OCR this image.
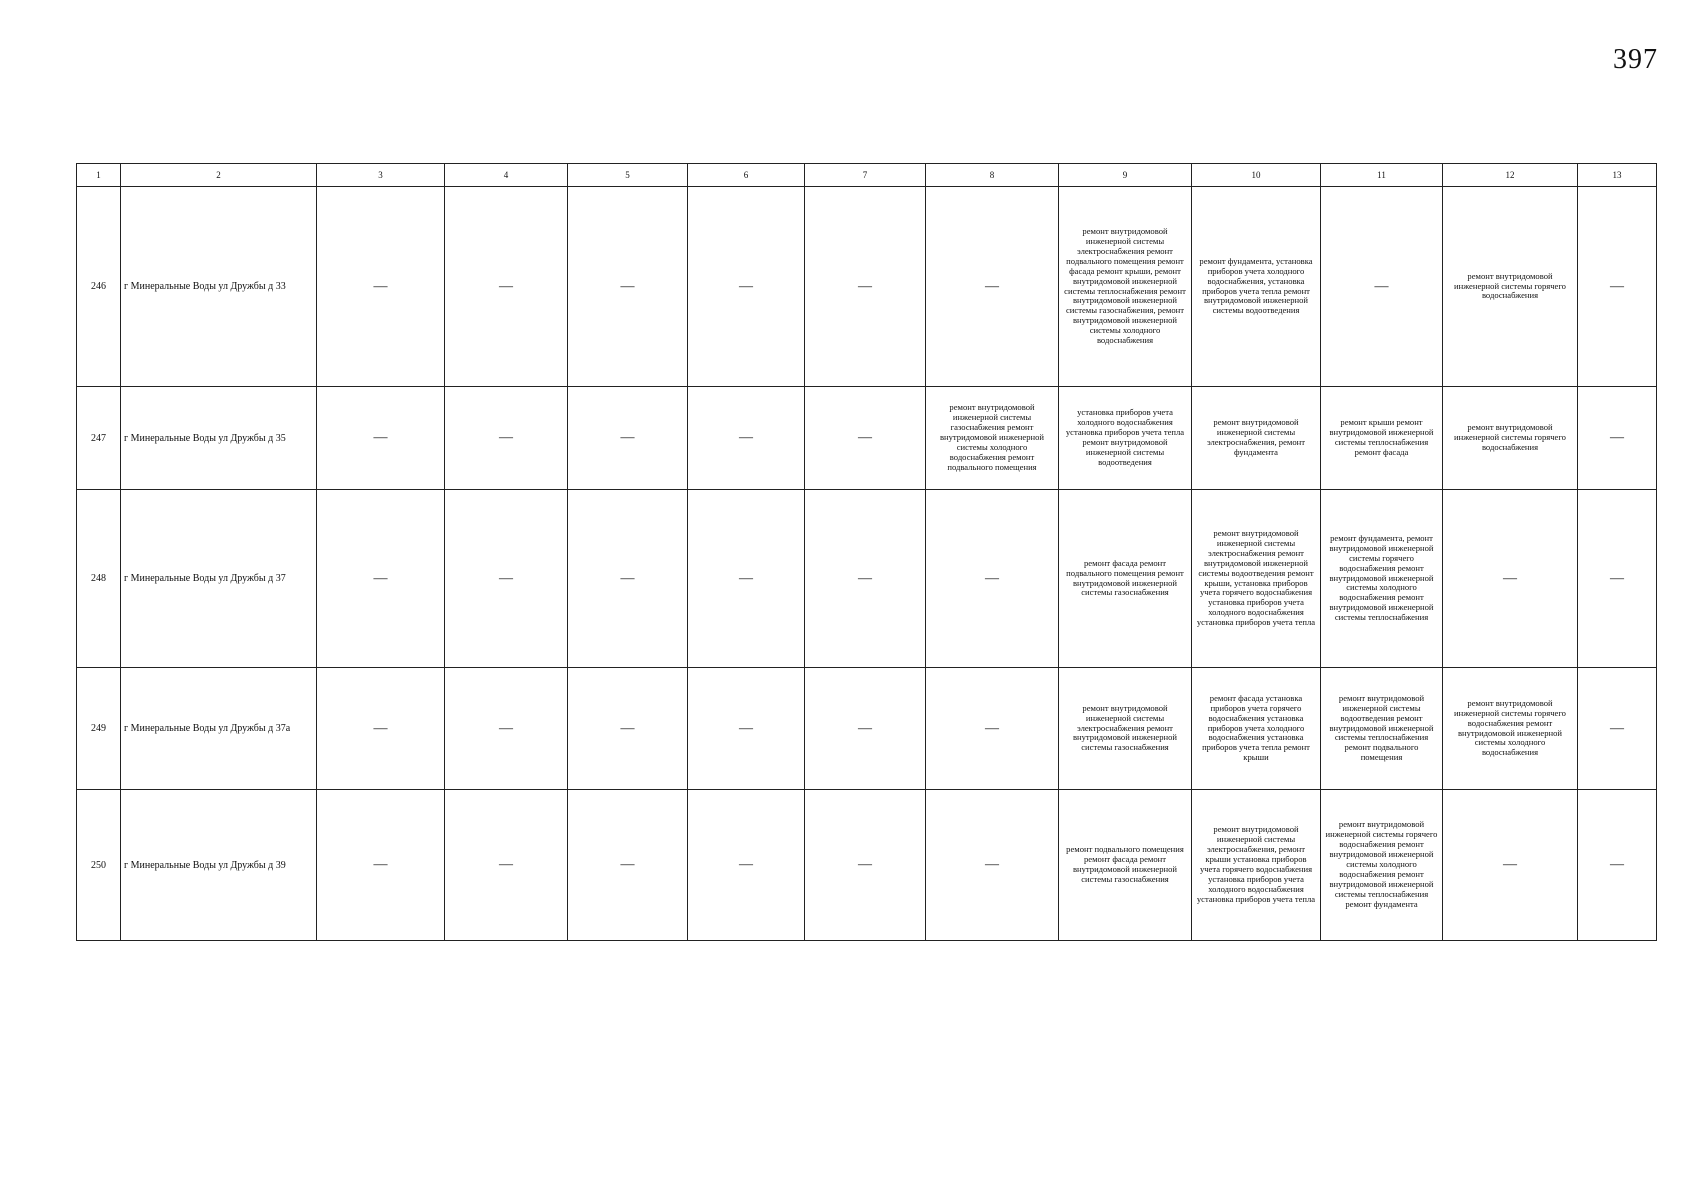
397
1	2	3	4	5	6	7	8	9	10	11	12	13
246	г Минеральные Воды ул Дружбы д 33	—	—	—	—	—	—	ремонт внутридомовой инженерной системы электроснабжения ремонт подвального помещения ремонт фасада ремонт крыши, ремонт внутридомовой инженерной системы теплоснабжения ремонт внутридомовой инженерной системы газоснабжения, ремонт внутридомовой инженерной системы холодного водоснабжения	ремонт фундамента, установка приборов учета холодного водоснабжения, установка приборов учета тепла ремонт внутридомовой инженерной системы водоотведения	—	ремонт внутридомовой инженерной системы горячего водоснабжения	—
247	г Минеральные Воды ул Дружбы д 35	—	—	—	—	—	ремонт внутридомовой инженерной системы газоснабжения ремонт внутридомовой инженерной системы холодного водоснабжения ремонт подвального помещения	установка приборов учета холодного водоснабжения установка приборов учета тепла ремонт внутридомовой инженерной системы водоотведения	ремонт внутридомовой инженерной системы электроснабжения, ремонт фундамента	ремонт крыши ремонт внутридомовой инженерной системы теплоснабжения ремонт фасада	ремонт внутридомовой инженерной системы горячего водоснабжения	—
248	г Минеральные Воды ул Дружбы д 37	—	—	—	—	—	—	ремонт фасада ремонт подвального помещения ремонт внутридомовой инженерной системы газоснабжения	ремонт внутридомовой инженерной системы электроснабжения ремонт внутридомовой инженерной системы водоотведения ремонт крыши, установка приборов учета горячего водоснабжения установка приборов учета холодного водоснабжения установка приборов учета тепла	ремонт фундамента, ремонт внутридомовой инженерной системы горячего водоснабжения ремонт внутридомовой инженерной системы холодного водоснабжения ремонт внутридомовой инженерной системы теплоснабжения	—	—
249	г Минеральные Воды ул Дружбы д 37а	—	—	—	—	—	—	ремонт внутридомовой инженерной системы электроснабжения ремонт внутридомовой инженерной системы газоснабжения	ремонт фасада установка приборов учета горячего водоснабжения установка приборов учета холодного водоснабжения установка приборов учета тепла ремонт крыши	ремонт внутридомовой инженерной системы водоотведения ремонт внутридомовой инженерной системы теплоснабжения ремонт подвального помещения	ремонт внутридомовой инженерной системы горячего водоснабжения ремонт внутридомовой инженерной системы холодного водоснабжения	—
250	г Минеральные Воды ул Дружбы д 39	—	—	—	—	—	—	ремонт подвального помещения ремонт фасада ремонт внутридомовой инженерной системы газоснабжения	ремонт внутридомовой инженерной системы электроснабжения, ремонт крыши установка приборов учета горячего водоснабжения установка приборов учета холодного водоснабжения установка приборов учета тепла	ремонт внутридомовой инженерной системы горячего водоснабжения ремонт внутридомовой инженерной системы холодного водоснабжения ремонт внутридомовой инженерной системы теплоснабжения ремонт фундамента	—	—
